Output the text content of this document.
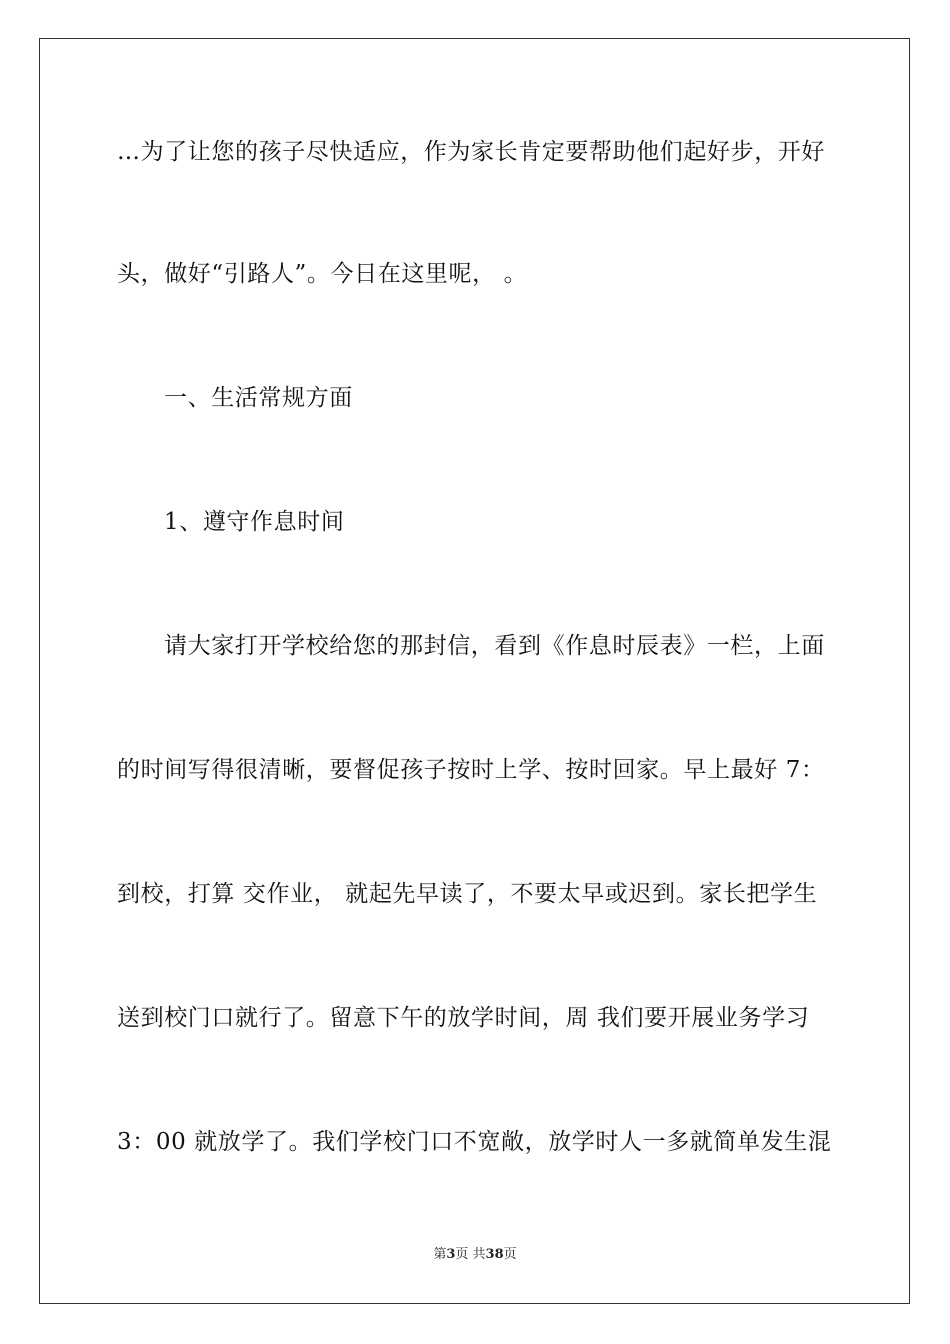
…为了让您的孩子尽快适应，作为家长肯定要帮助他们起好步，开好
头，做好“引路人”。今日在这里呢， 。
一、生活常规方面
1、遵守作息时间
请大家打开学校给您的那封信，看到《作息时辰表》一栏，上面
的时间写得很清晰，要督促孩子按时上学、按时回家。早上最好 7：
到校，打算 交作业， 就起先早读了，不要太早或迟到。家长把学生
送到校门口就行了。留意下午的放学时间，周 我们要开展业务学习
3：00 就放学了。我们学校门口不宽敞，放学时人一多就简单发生混
第3页 共38页
